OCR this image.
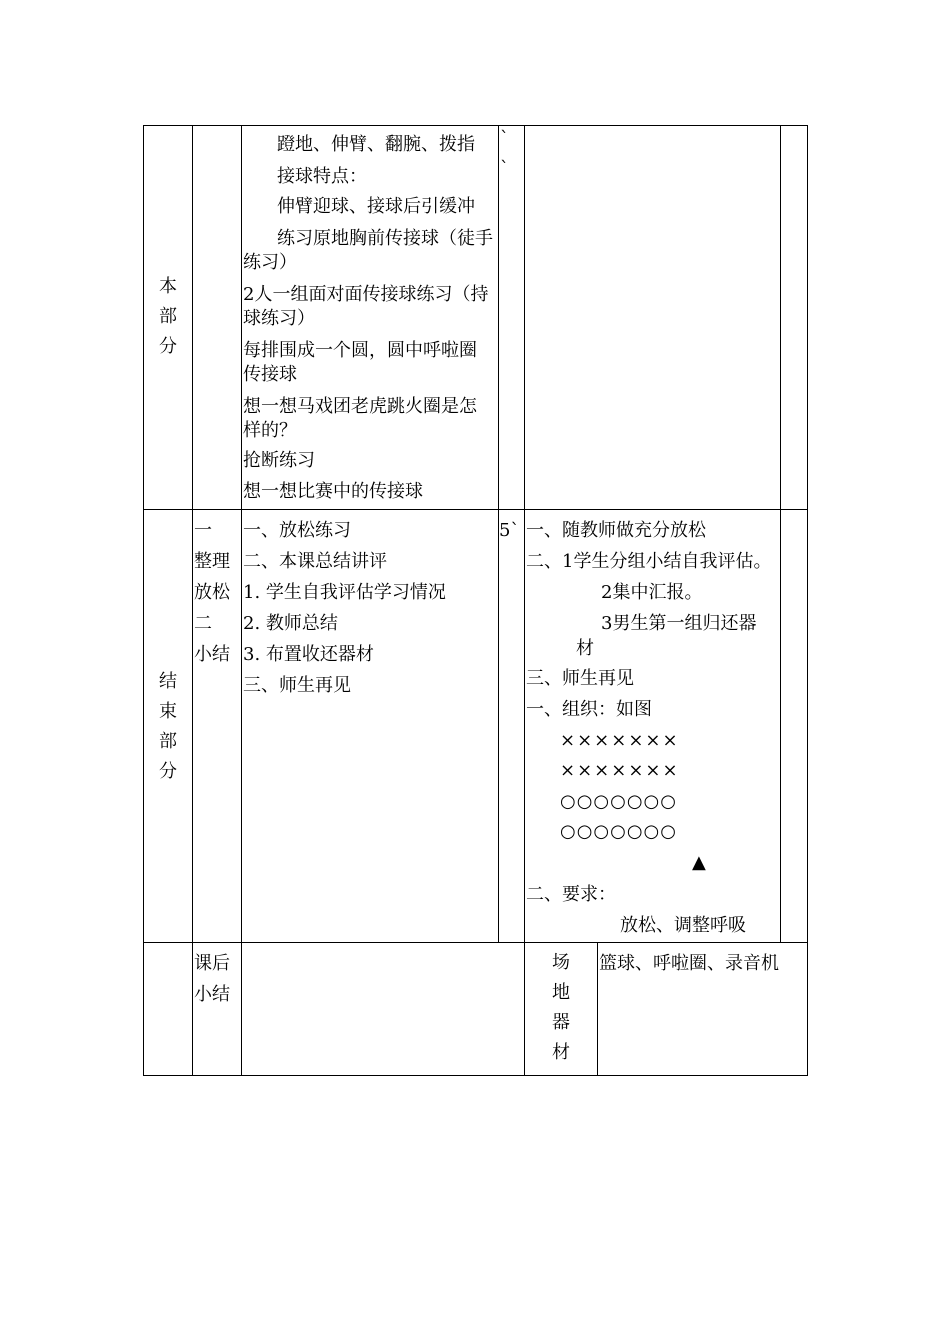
本
部
分
蹬地、伸臂、翻腕、拨指
接球特点：
伸臂迎球、接球后引缓冲
练习原地胸前传接球（徒手
练习）
2人一组面对面传接球练习（持
球练习）
每排围成一个圆，圆中呼啦圈
传接球
想一想马戏团老虎跳火圈是怎
样的？
抢断练习
想一想比赛中的传接球
`
`
结
束
部
分
一
整理
放松
二
小结
一、放松练习
二、本课总结讲评
1. 学生自我评估学习情况
2. 教师总结
3. 布置收还器材
三、师生再见
5` 一、随教师做充分放松
二、1学生分组小结自我评估。
2集中汇报。
3男生第一组归还器
材
三、师生再见
一、组织：如图
×××××××
×××××××
○○○○○○○
○○○○○○○
▲
二、要求：
放松、调整呼吸
课后
小结
场
地
器
材
篮球、呼啦圈、录音机
